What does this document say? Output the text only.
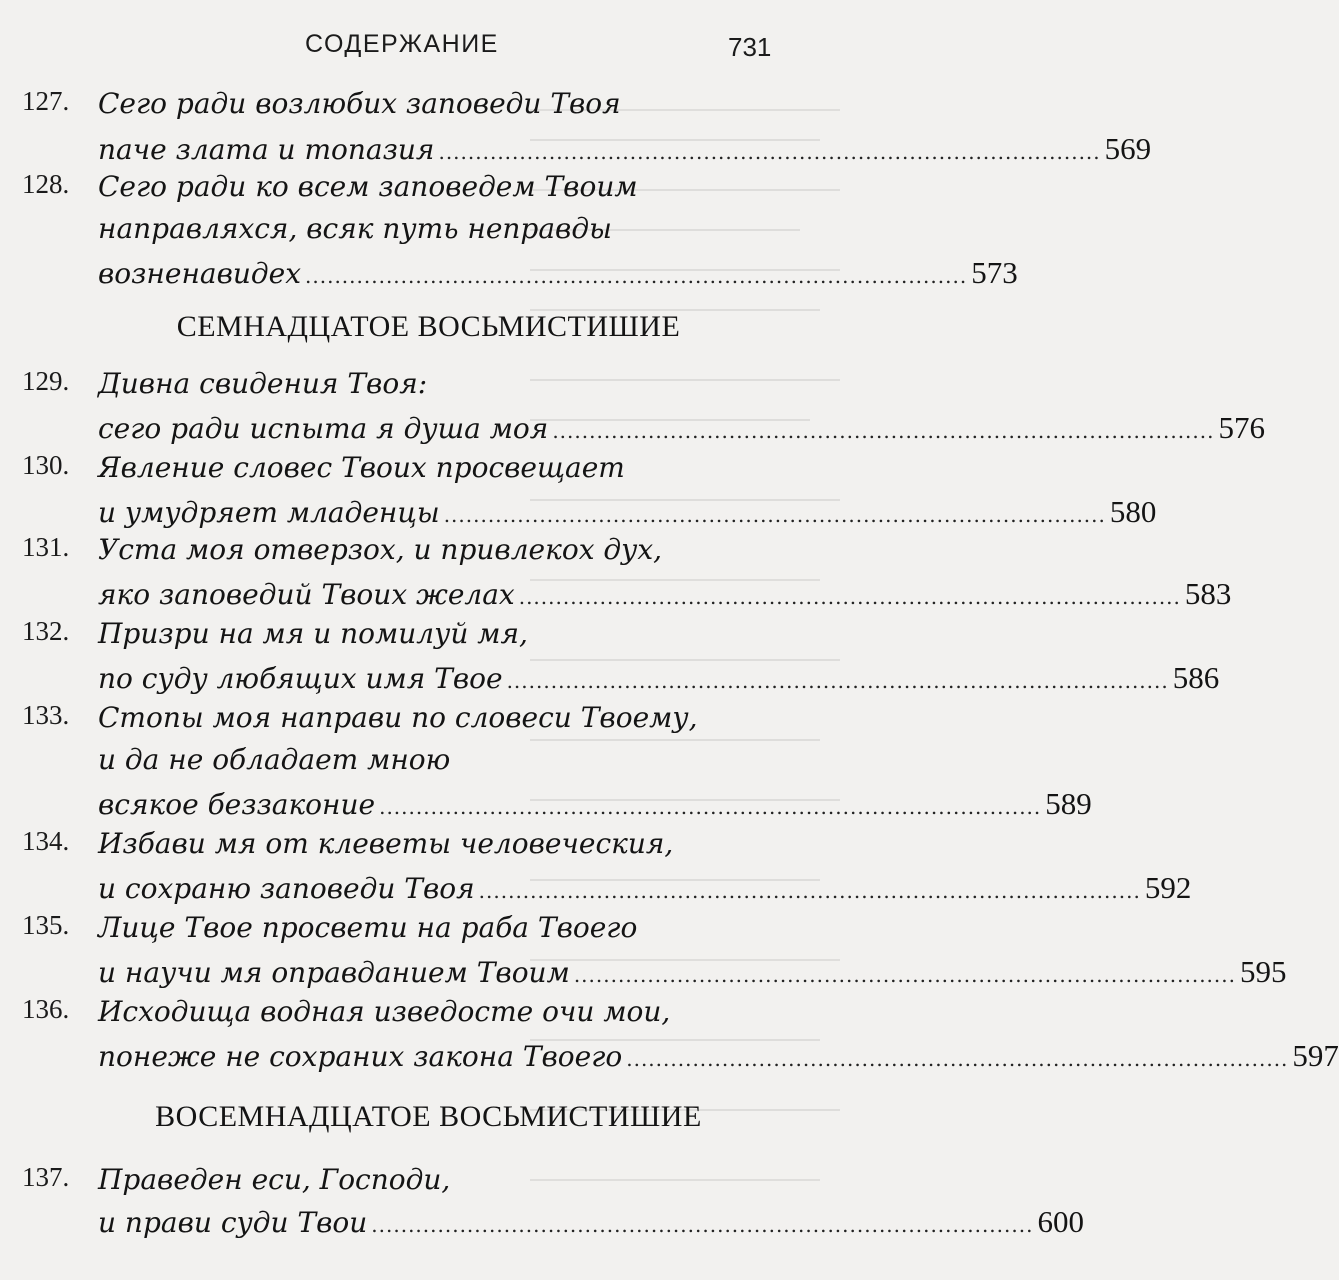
СОДЕРЖАНИЕ	731
127.	Сего ради возлюбих заповеди Твоя
паче злата и топазия .......................................................................................... 569
128.	Сего ради ко всем заповедем Твоим
направляхся, всяк путь неправды
возненавидех .......................................................................................... 573
СЕМНАДЦАТОЕ ВОСЬМИСТИШИЕ
129.	Дивна свидения Твоя:
сего ради испыта я душа моя .......................................................................................... 576
130.	Явление словес Твоих просвещает
и умудряет младенцы .......................................................................................... 580
131.	Уста моя отверзох, и привлекох дух,
яко заповедий Твоих желах .......................................................................................... 583
132.	Призри на мя и помилуй мя,
по суду любящих имя Твое .......................................................................................... 586
133.	Стопы моя направи по словеси Твоему,
и да не обладает мною
всякое беззаконие .......................................................................................... 589
134.	Избави мя от клеветы человеческия,
и сохраню заповеди Твоя .......................................................................................... 592
135.	Лице Твое просвети на раба Твоего
и научи мя оправданием Твоим .......................................................................................... 595
136.	Исходища водная изведосте очи мои,
понеже не сохраних закона Твоего .......................................................................................... 597
ВОСЕМНАДЦАТОЕ ВОСЬМИСТИШИЕ
137.	Праведен еси, Господи,
и прави суди Твои .......................................................................................... 600
